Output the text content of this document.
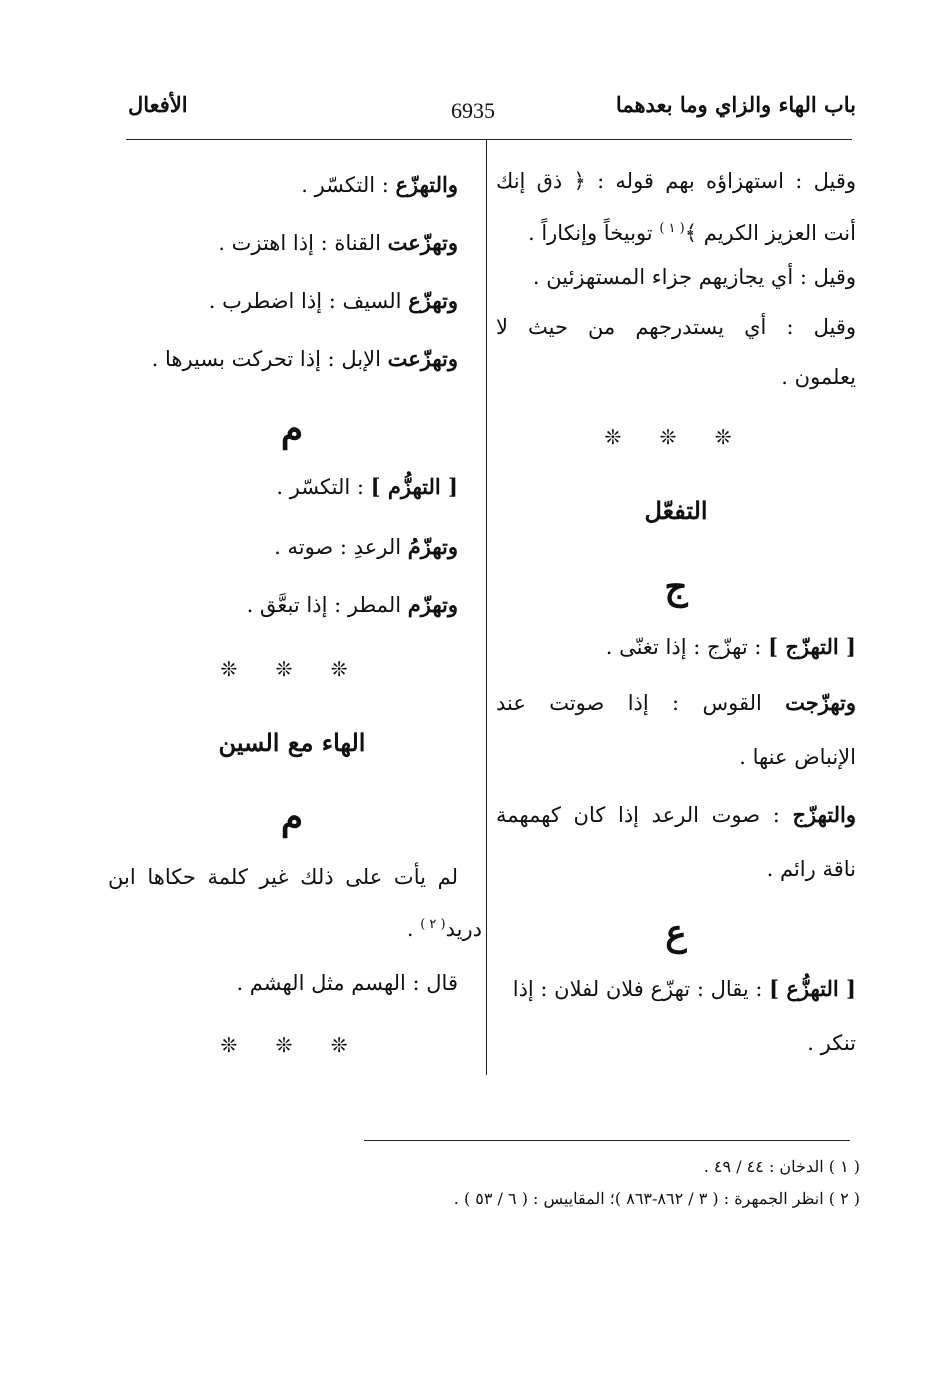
باب الهاء والزاي وما بعدهما
6935
الأفعال
وقيل : استهزاؤه بهم قوله : ﴿ ذق إنك
أنت العزيز الكريم ﴾$^{( ١ )}$ توبيخاً وإنكاراً .
وقيل : أي يجازيهم جزاء المستهزئين .
وقيل : أي يستدرجهم من حيث لا
يعلمون .
❊ ❊ ❊
التفعّل
ج
[ التهزّج ] : تهزّج : إذا تغنّى .
وتهزّجت القوس : إذا صوتت عند
الإنباض عنها .
والتهزّج : صوت الرعد إذا كان كهمهمة
ناقة رائم .
ع
[ التهزُّع ] : يقال : تهزّع فلان لفلان : إذا
تنكر .
والتهزّع : التكسّر .
وتهزّعت القناة : إذا اهتزت .
وتهزّع السيف : إذا اضطرب .
وتهزّعت الإبل : إذا تحركت بسيرها .
م
[ التهزُّم ] : التكسّر .
وتهزّمُ الرعدِ : صوته .
وتهزّم المطر : إذا تبعَّق .
❊ ❊ ❊
الهاء مع السين
م
لم يأت على ذلك غير كلمة حكاها ابن
دريد$^{( ٢ )}$ .
قال : الهسم مثل الهشم .
❊ ❊ ❊
( ١ ) الدخان : ٤٤ / ٤٩ .
( ٢ ) انظر الجمهرة : ( ٣ / ٨٦٢-٨٦٣ )؛ المقاييس : ( ٦ / ٥٣ ) .
